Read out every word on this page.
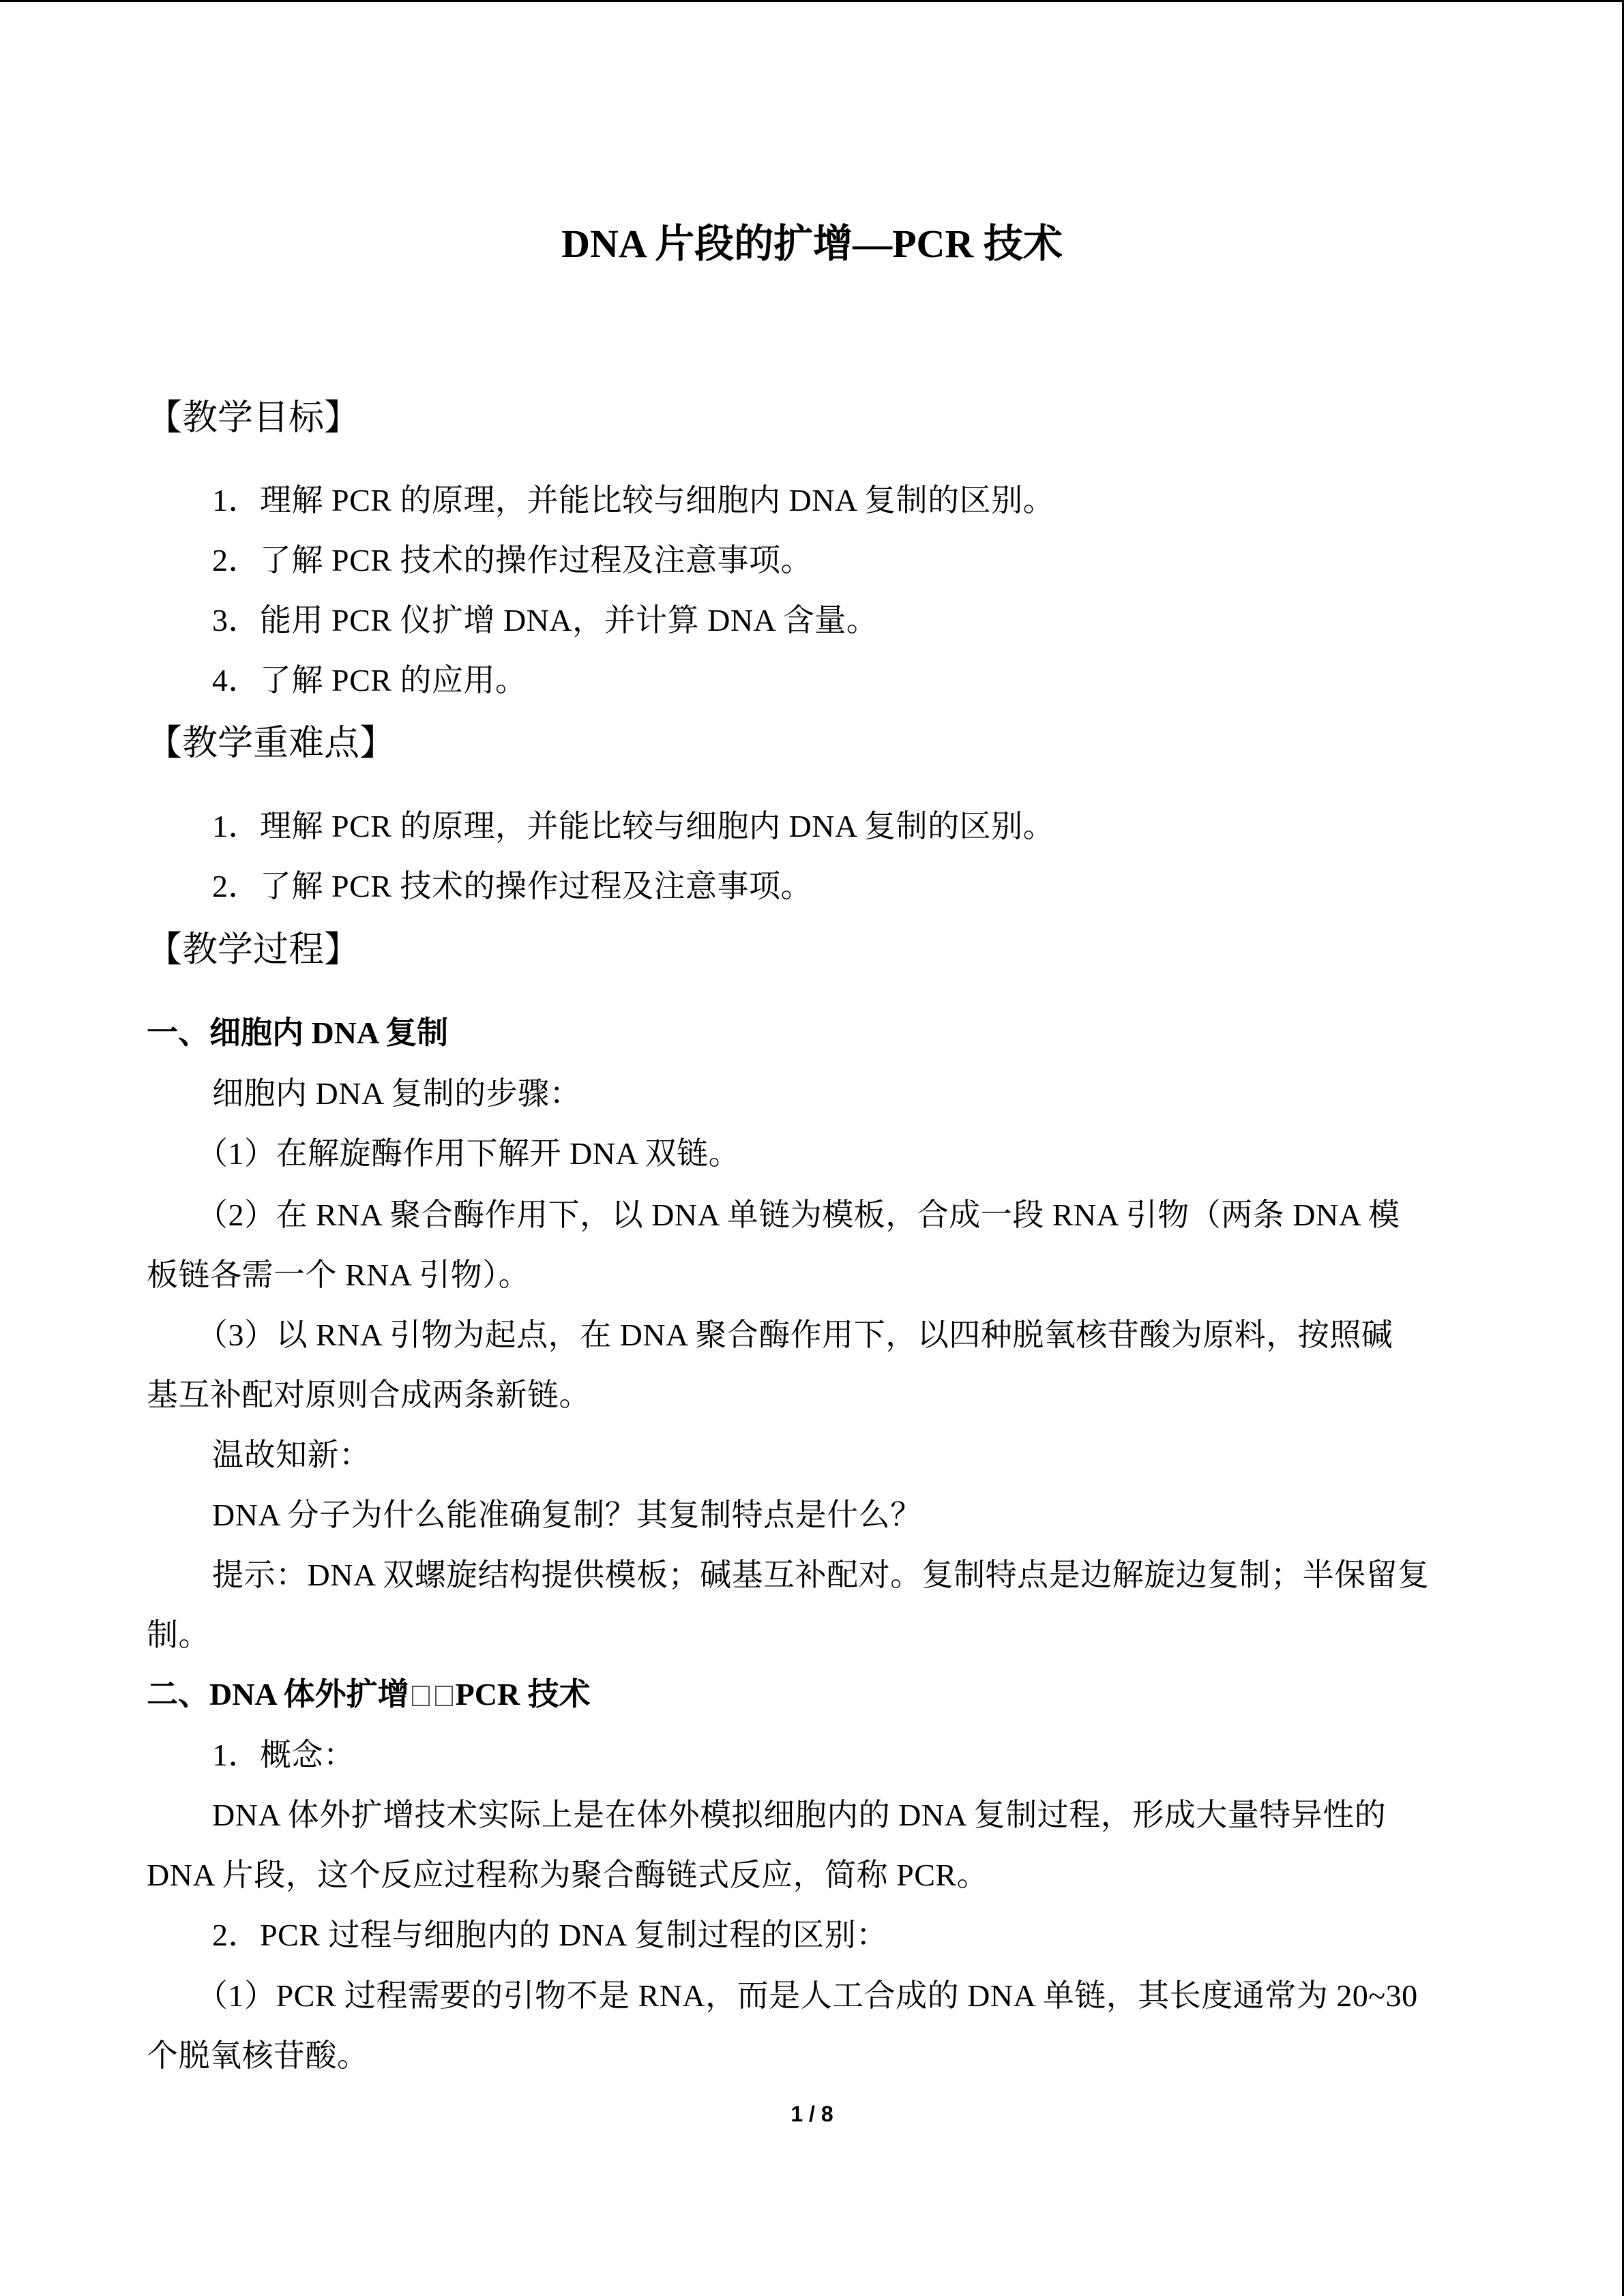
DNA 片段的扩增—PCR 技术
【教学目标】
1．理解 PCR 的原理，并能比较与细胞内 DNA 复制的区别。
2．了解 PCR 技术的操作过程及注意事项。
3．能用 PCR 仪扩增 DNA，并计算 DNA 含量。
4．了解 PCR 的应用。
【教学重难点】
1．理解 PCR 的原理，并能比较与细胞内 DNA 复制的区别。
2．了解 PCR 技术的操作过程及注意事项。
【教学过程】
一、细胞内 DNA 复制
细胞内 DNA 复制的步骤：
（1）在解旋酶作用下解开 DNA 双链。
（2）在 RNA 聚合酶作用下，以 DNA 单链为模板，合成一段 RNA 引物（两条 DNA 模
板链各需一个 RNA 引物）。
（3）以 RNA 引物为起点，在 DNA 聚合酶作用下，以四种脱氧核苷酸为原料，按照碱
基互补配对原则合成两条新链。
温故知新：
DNA 分子为什么能准确复制？其复制特点是什么？
提示：DNA 双螺旋结构提供模板；碱基互补配对。复制特点是边解旋边复制；半保留复
制。
二、DNA 体外扩增 PCR 技术
1．概念：
DNA 体外扩增技术实际上是在体外模拟细胞内的 DNA 复制过程，形成大量特异性的
DNA 片段，这个反应过程称为聚合酶链式反应，简称 PCR。
2．PCR 过程与细胞内的 DNA 复制过程的区别：
（1）PCR 过程需要的引物不是 RNA，而是人工合成的 DNA 单链，其长度通常为 20~30
个脱氧核苷酸。
1 / 8
